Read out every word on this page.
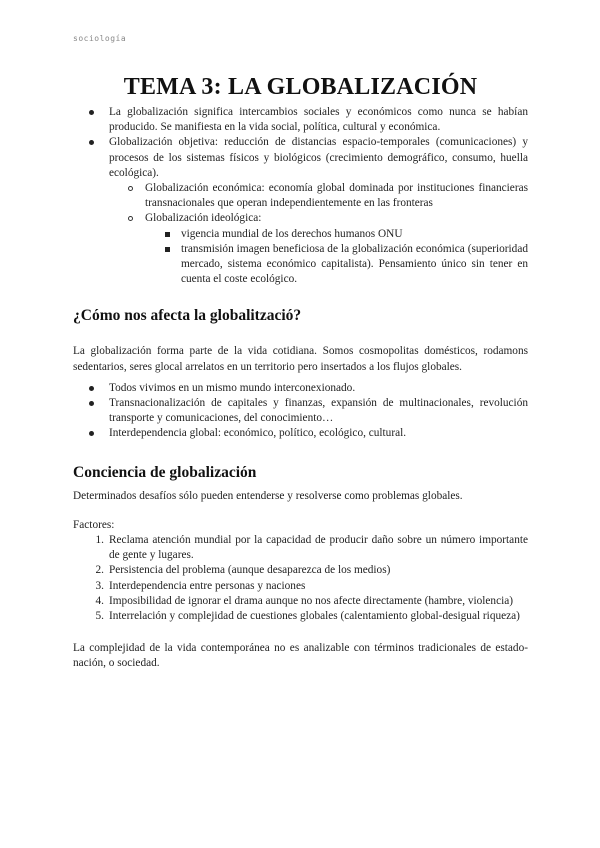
sociología
TEMA 3: LA GLOBALIZACIÓN
La globalización significa intercambios sociales y económicos como nunca se habían producido. Se manifiesta en la vida social, política, cultural y económica.
Globalización objetiva: reducción de distancias espacio-temporales (comunicaciones) y procesos de los sistemas físicos y biológicos (crecimiento demográfico, consumo, huella ecológica).
Globalización económica: economía global dominada por instituciones financieras transnacionales que operan independientemente en las fronteras
Globalización ideológica:
vigencia mundial de los derechos humanos ONU
transmisión imagen beneficiosa de la globalización económica (superioridad mercado, sistema económico capitalista). Pensamiento único sin tener en cuenta el coste ecológico.
¿Cómo nos afecta la globalització?

La globalización forma parte de la vida cotidiana. Somos cosmopolitas domésticos, rodamons sedentarios, seres glocal arrelatos en un territorio pero insertados a los flujos globales.

Todos vivimos en un mismo mundo interconexionado.
Transnacionalización de capitales y finanzas, expansión de multinacionales, revolución transporte y comunicaciones, del conocimiento…
Interdependencia global: económico, político, ecológico, cultural.
Conciencia de globalización

Determinados desafíos sólo pueden entenderse y resolverse como problemas globales.

Factores:

1. Reclama atención mundial por la capacidad de producir daño sobre un número importante de gente y lugares.
2. Persistencia del problema (aunque desaparezca de los medios)
3. Interdependencia entre personas y naciones
4. Imposibilidad de ignorar el drama aunque no nos afecte directamente (hambre, violencia)
5. Interrelación y complejidad de cuestiones globales (calentamiento global-desigual riqueza)

La complejidad de la vida contemporánea no es analizable con términos tradicionales de estado-nación, o sociedad.
